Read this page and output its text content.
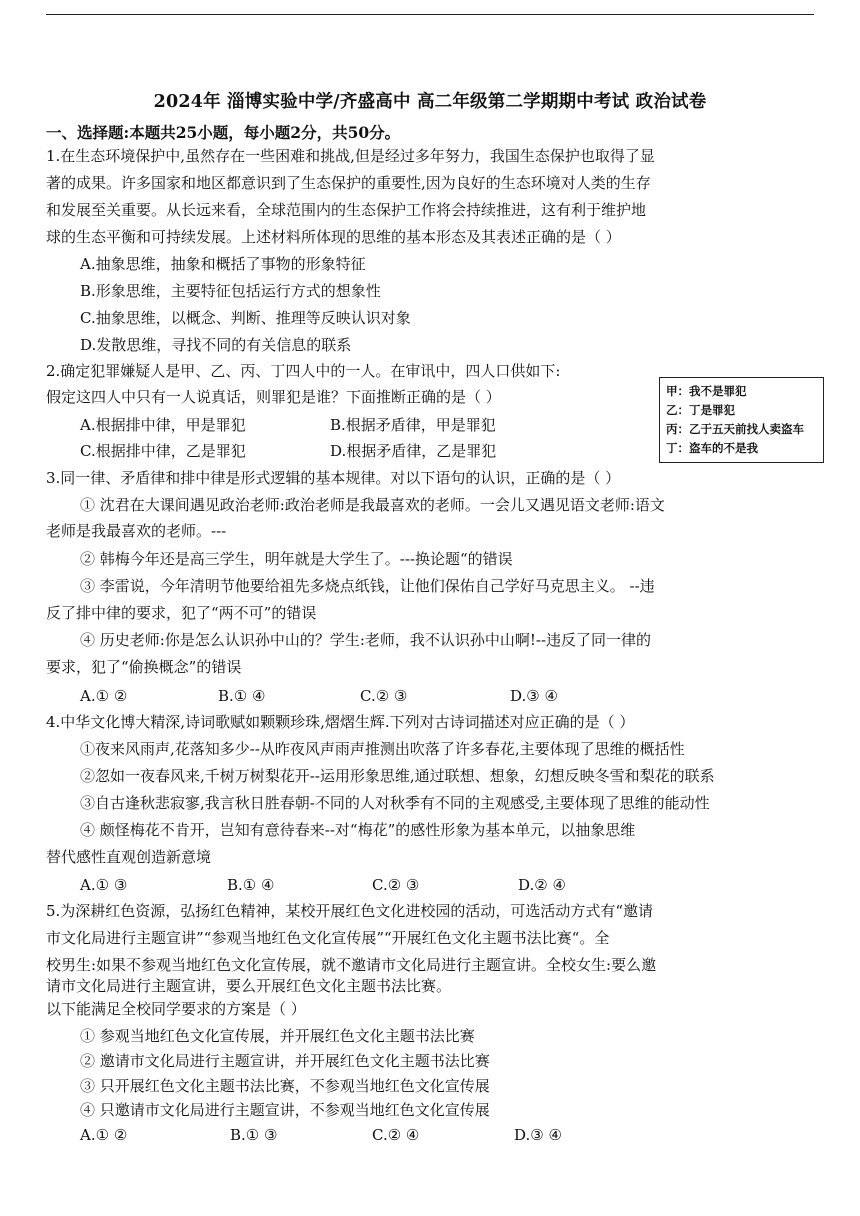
2024年 淄博实验中学/齐盛高中 高二年级第二学期期中考试 政治试卷
一、选择题:本题共25小题，每小题2分，共50分。
1.在生态环境保护中,虽然存在一些困难和挑战,但是经过多年努力，我国生态保护也取得了显
著的成果。许多国家和地区都意识到了生态保护的重要性,因为良好的生态环境对人类的生存
和发展至关重要。从长远来看，全球范围内的生态保护工作将会持续推进，这有利于维护地
球的生态平衡和可持续发展。上述材料所体现的思维的基本形态及其表述正确的是（ ）
A.抽象思维，抽象和概括了事物的形象特征
B.形象思维，主要特征包括运行方式的想象性
C.抽象思维，以概念、判断、推理等反映认识对象
D.发散思维，寻找不同的有关信息的联系
2.确定犯罪嫌疑人是甲、乙、丙、丁四人中的一人。在审讯中，四人口供如下:
假定这四人中只有一人说真话，则罪犯是谁？下面推断正确的是（ ）
A.根据排中律，甲是罪犯	B.根据矛盾律，甲是罪犯
C.根据排中律，乙是罪犯	D.根据矛盾律，乙是罪犯
甲：我不是罪犯
乙：丁是罪犯
丙：乙于五天前找人卖盗车
丁：盗车的不是我
3.同一律、矛盾律和排中律是形式逻辑的基本规律。对以下语句的认识，正确的是（ ）
① 沈君在大课间遇见政治老师:政治老师是我最喜欢的老师。一会儿又遇见语文老师:语文
老师是我最喜欢的老师。---
② 韩梅今年还是高三学生，明年就是大学生了。---换论题“的错误
③ 李雷说，今年清明节他要给祖先多烧点纸钱，让他们保佑自己学好马克思主义。 --违
反了排中律的要求，犯了“两不可”的错误
④ 历史老师:你是怎么认识孙中山的？学生:老师，我不认识孙中山啊!--违反了同一律的
要求，犯了“偷换概念”的错误
A.① ②	B.① ④	C.② ③	D.③ ④
4.中华文化博大精深,诗词歌赋如颗颗珍珠,熠熠生辉.下列对古诗词描述对应正确的是（ ）
①夜来风雨声,花落知多少--从昨夜风声雨声推测出吹落了许多春花,主要体现了思维的概括性
②忽如一夜春风来,千树万树梨花开--运用形象思维,通过联想、想象，幻想反映冬雪和梨花的联系
③自古逢秋悲寂寥,我言秋日胜春朝-不同的人对秋季有不同的主观感受,主要体现了思维的能动性
④ 颇怪梅花不肯开，岂知有意待春来--对“梅花”的感性形象为基本单元，以抽象思维
替代感性直观创造新意境
A.① ③	B.① ④	C.② ③	D.② ④
5.为深耕红色资源，弘扬红色精神，某校开展红色文化进校园的活动，可选活动方式有“邀请
市文化局进行主题宣讲”“参观当地红色文化宣传展”“开展红色文化主题书法比赛“。全
校男生:如果不参观当地红色文化宣传展，就不邀请市文化局进行主题宣讲。全校女生:要么邀
请市文化局进行主题宣讲，要么开展红色文化主题书法比赛。
以下能满足全校同学要求的方案是（ ）
① 参观当地红色文化宣传展，并开展红色文化主题书法比赛
② 邀请市文化局进行主题宣讲，并开展红色文化主题书法比赛
③ 只开展红色文化主题书法比赛，不参观当地红色文化宣传展
④ 只邀请市文化局进行主题宣讲，不参观当地红色文化宣传展
A.① ②	B.① ③	C.② ④	D.③ ④
